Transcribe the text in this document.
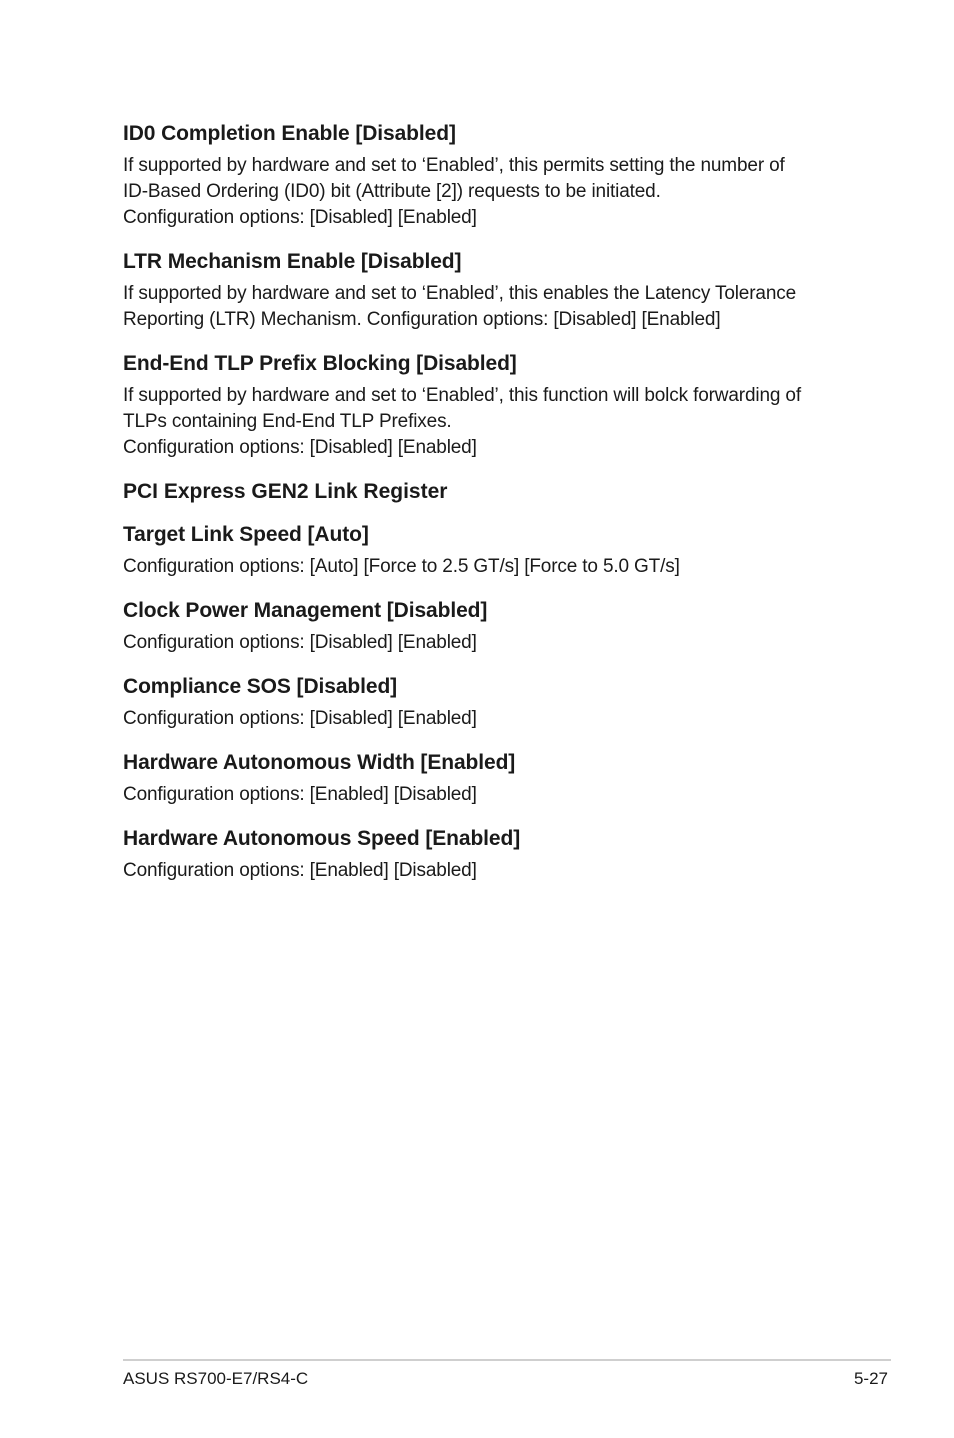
ID0 Completion Enable [Disabled]

If supported by hardware and set to ‘Enabled’, this permits setting the number of

ID-Based Ordering (ID0) bit (Attribute [2]) requests to be initiated.

Configuration options: [Disabled] [Enabled]

LTR Mechanism Enable [Disabled]

If supported by hardware and set to ‘Enabled’, this enables the Latency Tolerance

Reporting (LTR) Mechanism. Configuration options: [Disabled] [Enabled]

End-End TLP Prefix Blocking [Disabled]

If supported by hardware and set to ‘Enabled’, this function will bolck forwarding of

TLPs containing End-End TLP Prefixes.

Configuration options: [Disabled] [Enabled]

PCI Express GEN2 Link Register
Target Link Speed [Auto]

Configuration options: [Auto] [Force to 2.5 GT/s] [Force to 5.0 GT/s]

Clock Power Management [Disabled]

Configuration options: [Disabled] [Enabled]

Compliance SOS [Disabled]

Configuration options: [Disabled] [Enabled]

Hardware Autonomous Width [Enabled]

Configuration options: [Enabled] [Disabled]

Hardware Autonomous Speed [Enabled]

Configuration options: [Enabled] [Disabled]

ASUS RS700-E7/RS4-C	5-27
